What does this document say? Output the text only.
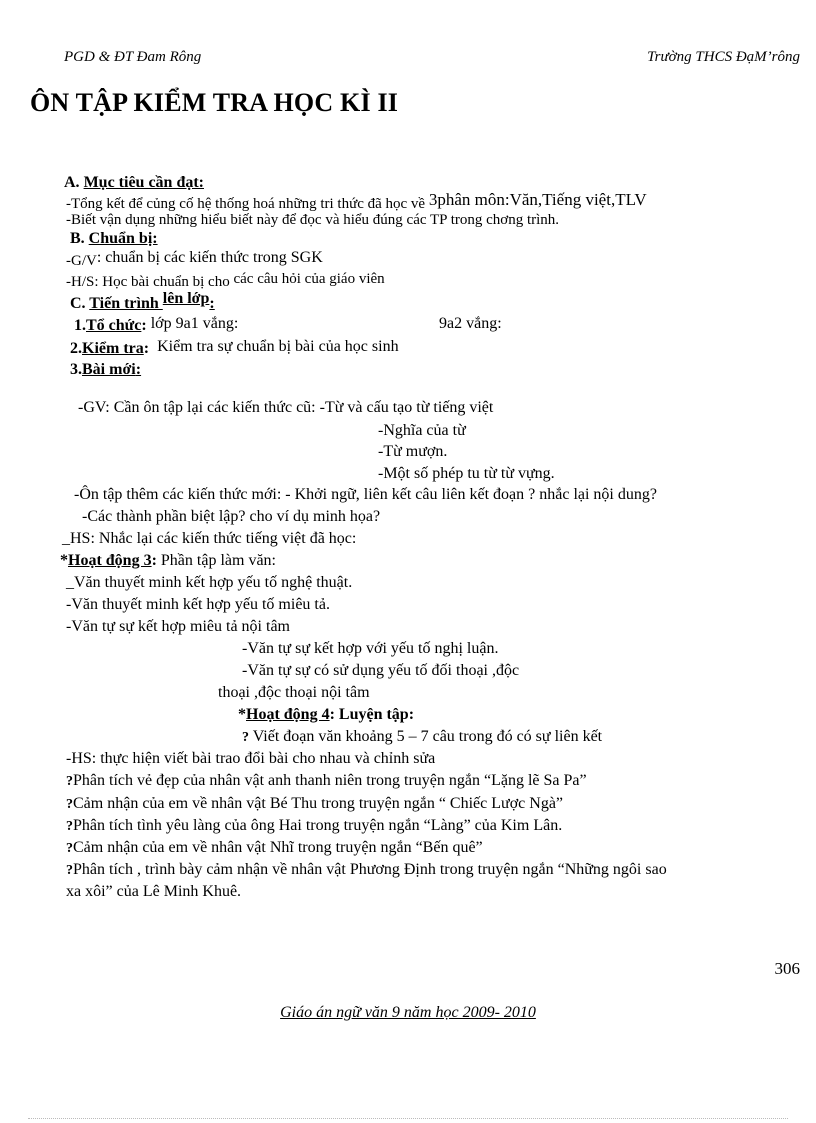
PGD & ĐT Đam Rông	Trường THCS ĐạM’rông
ÔN TẬP KIỂM TRA HỌC KÌ II
A. Mục tiêu cần đạt:
-Tổng kết để củng cố hệ thống hoá những tri thức đã học về 3phân môn:Văn,Tiếng việt,TLV
-Biết vận dụng những hiểu biết này để đọc và hiểu đúng các TP trong chơng trình.
B. Chuẩn bị:
-G/V: chuẩn bị các kiến thức trong SGK
-H/S: Học bài chuẩn bị cho các câu hỏi của giáo viên
C. Tiến trình lên lớp:
1.Tổ chức: lớp 9a1 vắng:	9a2 vắng:
2.Kiểm tra: Kiểm tra sự chuẩn bị bài của học sinh
3.Bài mới:
-GV: Cần ôn tập lại các kiến thức cũ: -Từ và cấu tạo từ tiếng việt
-Nghĩa của từ
-Từ mượn.
-Một số phép tu từ từ vựng.
-Ôn tập thêm các kiến thức mới: - Khởi ngữ, liên kết câu liên kết đoạn ? nhắc lại nội dung?
-Các thành phần biệt lập? cho ví dụ minh họa?
_HS: Nhắc lại các kiến thức tiếng việt đã học:
*Hoạt động 3: Phần tập làm văn:
_Văn thuyết minh kết hợp yếu tố nghệ thuật.
-Văn thuyết minh kết hợp yếu tố miêu tả.
-Văn tự sự kết hợp miêu tả nội tâm
-Văn tự sự kết hợp với yếu tố nghị luận.
-Văn tự sự có sử dụng yếu tố đối thoại ,độc
thoại ,độc thoại nội tâm
*Hoạt động 4: Luyện tập:
? Viết đoạn văn khoảng 5 – 7 câu trong đó có sự liên kết
-HS: thực hiện viết bài trao đổi bài cho nhau và chỉnh sửa
?Phân tích vẻ đẹp của nhân vật anh thanh niên trong truyện ngắn “Lặng lẽ Sa Pa”
?Cảm nhận của em về nhân vật Bé Thu trong truyện ngắn “ Chiếc Lược Ngà”
?Phân tích tình yêu làng của ông Hai trong truyện ngắn “Làng” của Kim Lân.
?Cảm nhận của em về nhân vật Nhĩ trong truyện ngắn “Bến quê”
?Phân tích , trình bày cảm nhận về nhân vật Phương Định trong truyện ngắn “Những ngôi sao
xa xôi” của Lê Minh Khuê.
306
Giáo án ngữ văn 9 năm học 2009- 2010
